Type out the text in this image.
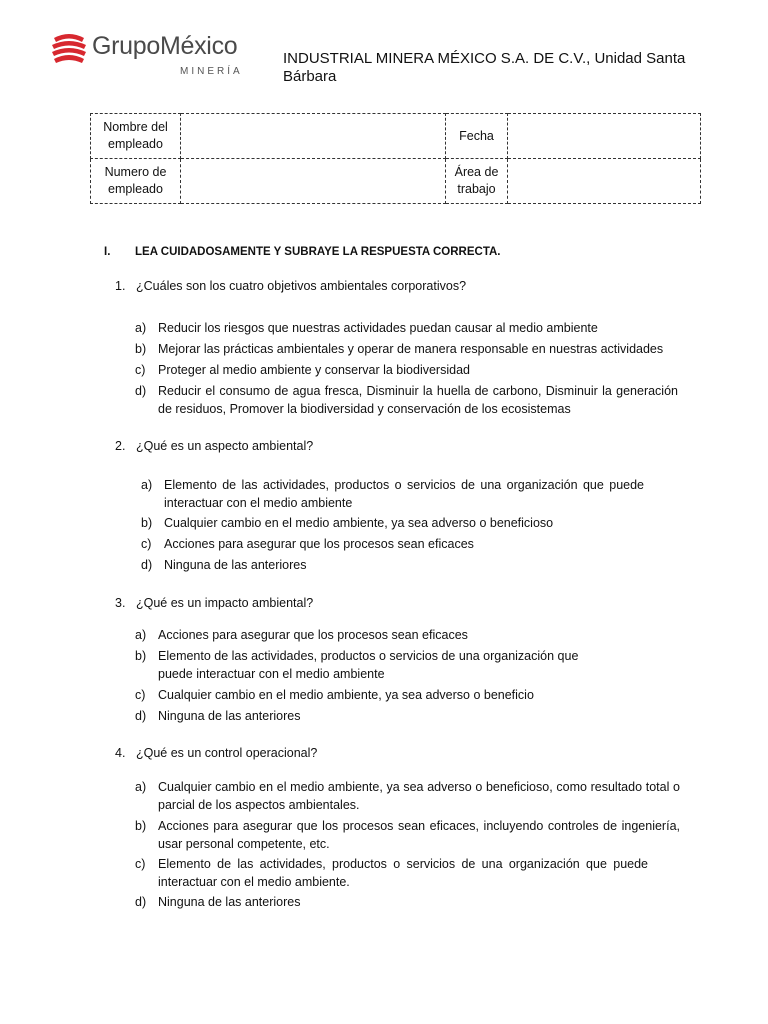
GrupoMéxico
MINERÍA
INDUSTRIAL MINERA MÉXICO S.A. DE C.V., Unidad Santa Bárbara
Nombre del empleado		Fecha	
Numero de empleado		Área de trabajo	
I. LEA CUIDADOSAMENTE Y SUBRAYE LA RESPUESTA CORRECTA.
1. ¿Cuáles son los cuatro objetivos ambientales corporativos?
a) Reducir los riesgos que nuestras actividades puedan causar al medio ambiente
b) Mejorar las prácticas ambientales y operar de manera responsable en nuestras actividades
c) Proteger al medio ambiente y conservar la biodiversidad
d) Reducir el consumo de agua fresca, Disminuir la huella de carbono, Disminuir la generación de residuos, Promover la biodiversidad y conservación de los ecosistemas
2. ¿Qué es un aspecto ambiental?
a) Elemento de las actividades, productos o servicios de una organización que puede interactuar con el medio ambiente
b) Cualquier cambio en el medio ambiente, ya sea adverso o beneficioso
c) Acciones para asegurar que los procesos sean eficaces
d) Ninguna de las anteriores
3. ¿Qué es un impacto ambiental?
a) Acciones para asegurar que los procesos sean eficaces
b) Elemento de las actividades, productos o servicios de una organización que puede interactuar con el medio ambiente
c) Cualquier cambio en el medio ambiente, ya sea adverso o beneficio
d) Ninguna de las anteriores
4. ¿Qué es un control operacional?
a) Cualquier cambio en el medio ambiente, ya sea adverso o beneficioso, como resultado total o parcial de los aspectos ambientales.
b) Acciones para asegurar que los procesos sean eficaces, incluyendo controles de ingeniería, usar personal competente, etc.
c) Elemento de las actividades, productos o servicios de una organización que puede interactuar con el medio ambiente.
d) Ninguna de las anteriores
